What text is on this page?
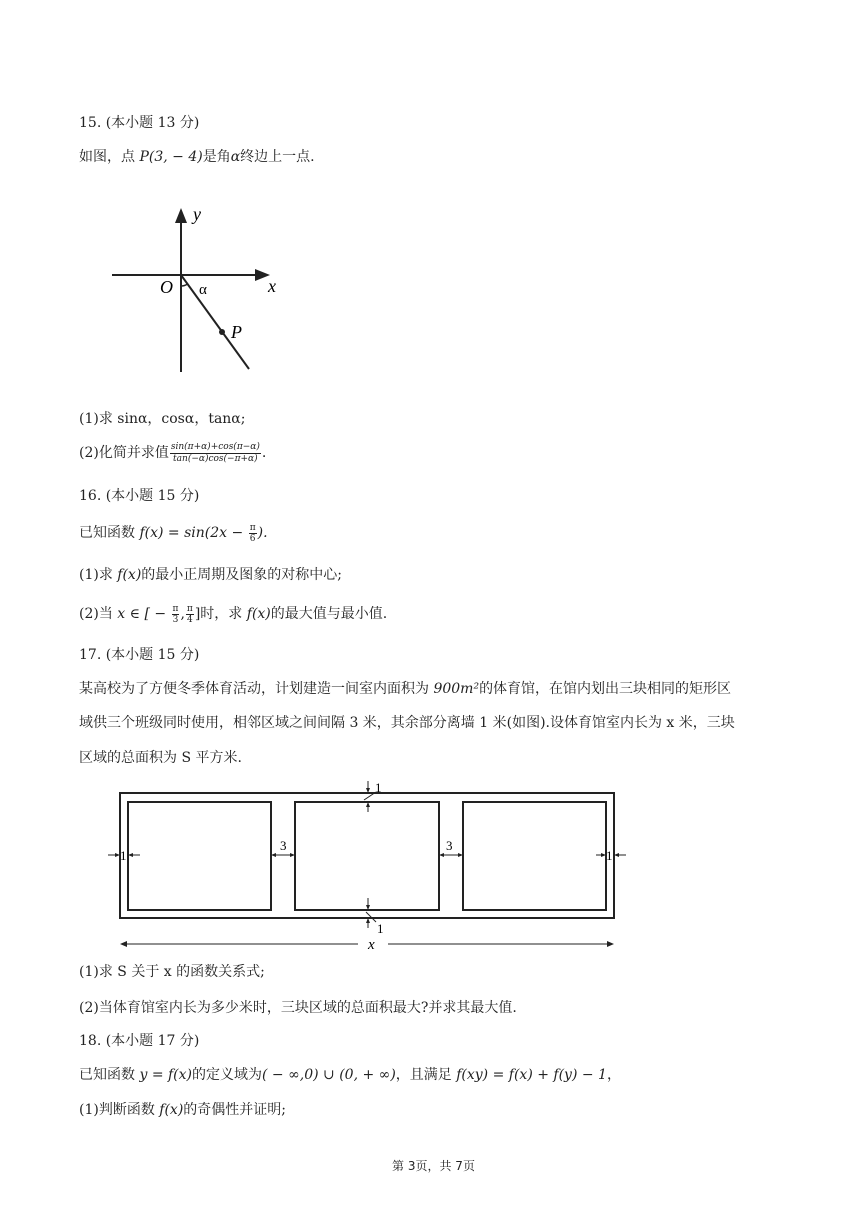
15. (本小题 13 分)
如图，点 P(3, − 4)是角α终边上一点.
y
x
O α
P
(1)求 sinα，cosα，tanα;
(2)化简并求值 $\frac{\sin(\pi+\alpha)+\cos(\pi-\alpha)}{\tan(-\alpha)\cos(-\pi+\alpha)}$ .
16. (本小题 15 分)
已知函数 $f(x) = \sin(2x - \frac{\pi}{6}$ ).
(1)求 f(x)的最小正周期及图象的对称中心;
(2)当 x ∈ [ − $\frac{\pi}{3}$ , $\frac{\pi}{4}$ ]时，求 f(x)的最大值与最小值.
17. (本小题 15 分)
某高校为了方便冬季体育活动，计划建造一间室内面积为 900m²的体育馆，在馆内划出三块相同的矩形区
域供三个班级同时使用，相邻区域之间间隔 3 米，其余部分离墙 1 米(如图).设体育馆室内长为 x 米，三块
区域的总面积为 S 平方米.
1	1
3	3
1
1
x
(1)求 S 关于 x 的函数关系式;
(2)当体育馆室内长为多少米时，三块区域的总面积最大?并求其最大值.
18. (本小题 17 分)
已知函数 y = f(x)的定义域为( − ∞,0) ∪ (0, + ∞)，且满足 f(xy) = f(x) + f(y) − 1，
(1)判断函数 f(x)的奇偶性并证明;
第 3页，共 7页
